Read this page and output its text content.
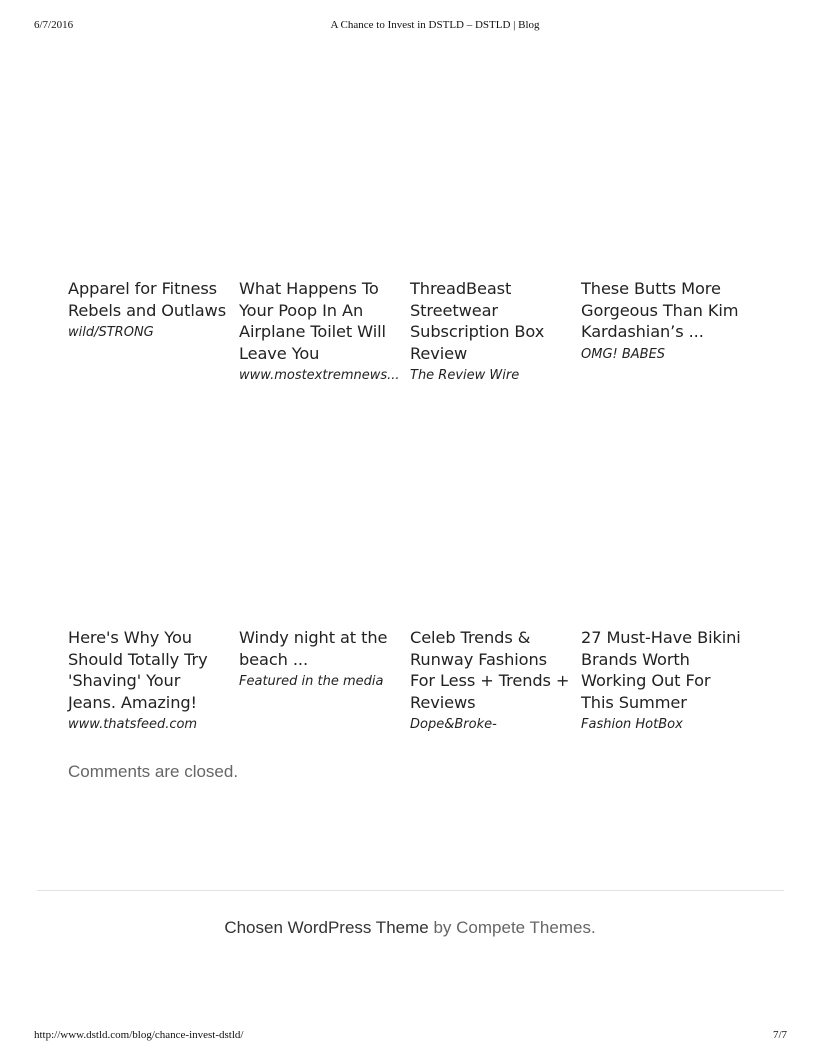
6/7/2016	A Chance to Invest in DSTLD – DSTLD | Blog
Apparel for Fitness Rebels and Outlaws
wild/STRONG
What Happens To Your Poop In An Airplane Toilet Will Leave You
www.mostextremnews...
ThreadBeast Streetwear Subscription Box Review
The Review Wire
These Butts More Gorgeous Than Kim Kardashian’s ...
OMG! BABES
Here's Why You Should Totally Try 'Shaving' Your Jeans. Amazing!
www.thatsfeed.com
Windy night at the beach ...
Featured in the media
Celeb Trends & Runway Fashions For Less + Trends + Reviews
Dope&Broke-
27 Must-Have Bikini Brands Worth Working Out For This Summer
Fashion HotBox
Comments are closed.
Chosen WordPress Theme by Compete Themes.
http://www.dstld.com/blog/chance-invest-dstld/	7/7
